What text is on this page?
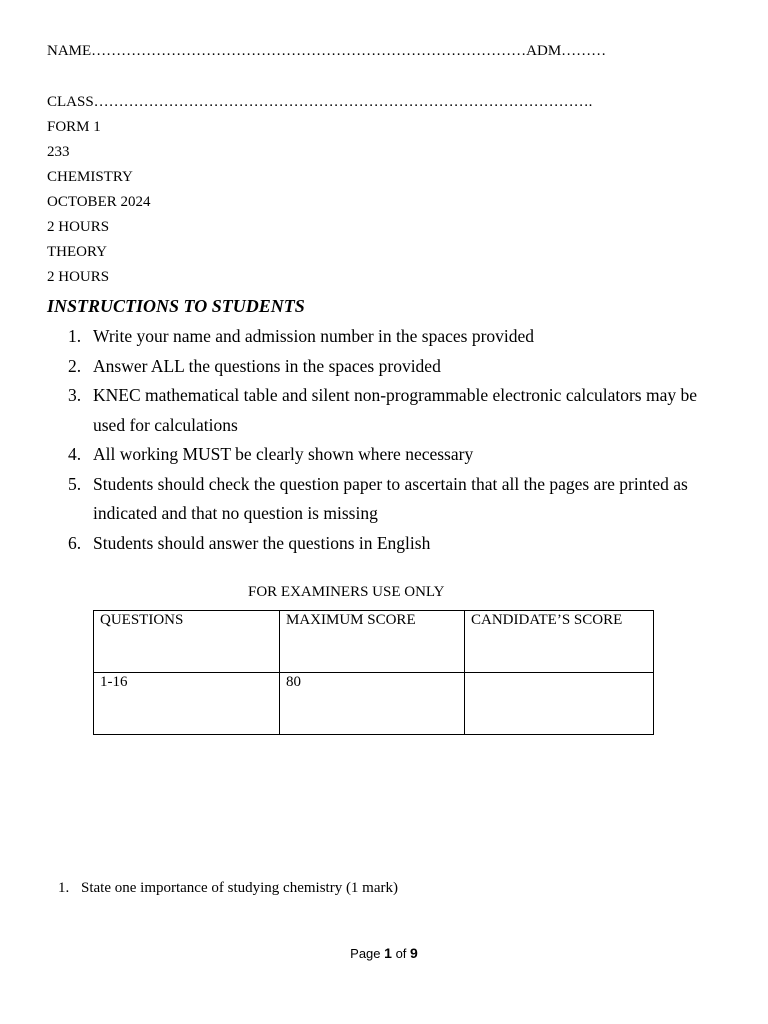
NAME……………………………………………………………………………ADM………
CLASS……………………………………………………………………………………….
FORM 1
233
CHEMISTRY
OCTOBER 2024
2 HOURS
THEORY
2 HOURS
INSTRUCTIONS TO STUDENTS
1. Write your name and admission number in the spaces provided
2. Answer ALL the questions in the spaces provided
3. KNEC mathematical table and silent non-programmable electronic calculators may be used for calculations
4. All working MUST be clearly shown where necessary
5. Students should check the question paper to ascertain that all the pages are printed as indicated and that no question is missing
6. Students should answer the questions in English
FOR EXAMINERS USE ONLY
QUESTIONS	MAXIMUM SCORE	CANDIDATE’S SCORE
1-16	80	
1. State one importance of studying chemistry (1 mark)
Page 1 of 9
